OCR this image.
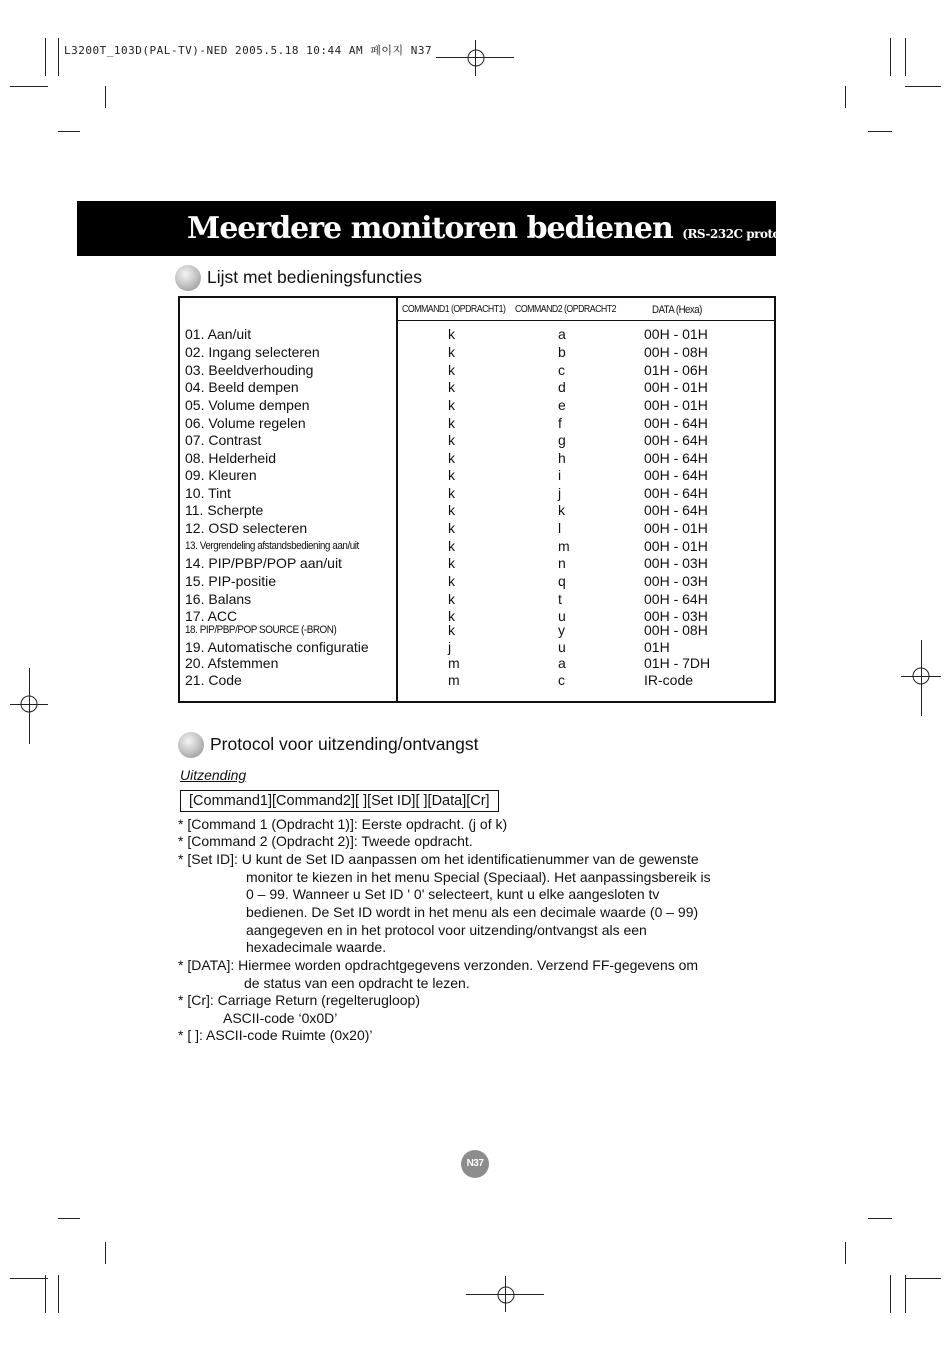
L3200T_103D(PAL-TV)-NED 2005.5.18 10:44 AM 페이지 N37
Meerdere monitoren bedienen (RS-232C protocol)
Lijst met bedieningsfuncties
COMMAND1 (OPDRACHT1) COMMAND2 (OPDRACHT2	DATA (Hexa)
01. Aan/uit	k	a	00H - 01H
02. Ingang selecteren	k	b	00H - 08H
03. Beeldverhouding	k	c	01H - 06H
04. Beeld dempen	k	d	00H - 01H
05. Volume dempen	k	e	00H - 01H
06. Volume regelen	k	f	00H - 64H
07. Contrast	k	g	00H - 64H
08. Helderheid	k	h	00H - 64H
09. Kleuren	k	i	00H - 64H
10. Tint	k	j	00H - 64H
11. Scherpte	k	k	00H - 64H
12. OSD selecteren	k	l	00H - 01H
13. Vergrendeling afstandsbediening aan/uit	k	m	00H - 01H
14. PIP/PBP/POP aan/uit	k	n	00H - 03H
15. PIP-positie	k	q	00H - 03H
16. Balans	k	t	00H - 64H
17. ACC	k	u	00H - 03H
18. PIP/PBP/POP SOURCE (-BRON)	k	y	00H - 08H
19. Automatische configuratie	j	u	01H
20. Afstemmen	m	a	01H - 7DH
21. Code	m	c	IR-code
Protocol voor uitzending/ontvangst
Uitzending
[Command1][Command2][ ][Set ID][ ][Data][Cr]
* [Command 1 (Opdracht 1)]: Eerste opdracht. (j of k)
* [Command 2 (Opdracht 2)]: Tweede opdracht.
* [Set ID]: U kunt de Set ID aanpassen om het identificatienummer van de gewenste
monitor te kiezen in het menu Special (Speciaal). Het aanpassingsbereik is
0 – 99. Wanneer u Set ID ' 0' selecteert, kunt u elke aangesloten tv
bedienen. De Set ID wordt in het menu als een decimale waarde (0 – 99)
aangegeven en in het protocol voor uitzending/ontvangst als een
hexadecimale waarde.
* [DATA]: Hiermee worden opdrachtgegevens verzonden. Verzend FF-gegevens om
de status van een opdracht te lezen.
* [Cr]: Carriage Return (regelterugloop)
ASCII-code ‘0x0D’
* [ ]: ASCII-code Ruimte (0x20)’
N37
